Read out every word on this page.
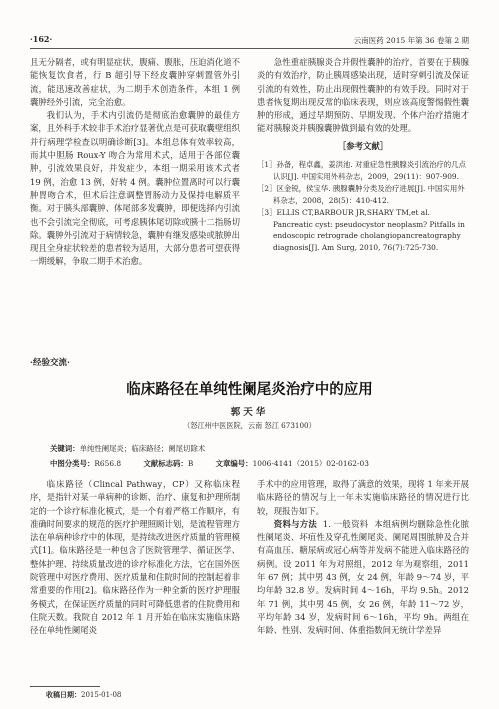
·162·	云南医药 2015 年第 36 卷第 2 期

且无分隔者，或有明显症状，腹痛、腹胀，压迫消化道不能恢复饮食者，行 B 超引导下经皮囊肿穿刺置管外引流，能迅速改善症状，为二期手术创造条件，本组 1 例囊肿经外引流，完全治愈。

我们认为，手术内引流仍是彻底治愈囊肿的最佳方案，且外科手术较非手术治疗显著优点是可获取囊壁组织并行病理学检查以明确诊断[3]。本组总体有效率较高，而其中胆肠 Roux-Y 吻合为常用术式，适用于各部位囊肿，引流效果良好，并发症少，本组一期采用该术式者 19 例，治愈 13 例，好转 4 例。囊肿位置离时可以行囊肿胃吻合术，但术后注意调整胃肠动力及保持电解质平衡。对于胰头部囊肿、体尾部多发囊肿，即便选择内引流也不会引流完全彻底，可考虑胰体尾切除或胰十二指肠切除。囊肿外引流对于病情较急，囊肿有继发感染或脓肿出现且全身症状较差的患者较为适用，大部分患者可望获得一期缓解，争取二期手术治愈。

急性重症胰腺炎合并假性囊肿的治疗，首要在于胰腺炎的有效治疗，防止胰周感染出现，适时穿刺引流及保证引流的有效性，防止出现假性囊肿的有效手段。同时对于患者恢复期出现反常的临床表现，则应该高度警惕假性囊肿的形成，通过早期预防、早期发现、个体户治疗措施才能对胰腺炎并胰腺囊肿做到最有效的处理。

［参考文献］
［1］孙备，程卓鑫，姜洪池. 对重症急性胰腺炎引流治疗的几点认识[J]. 中国实用外科杂志，2009，29(11)：907-909.
［2］区金锐，侯宝华. 胰腺囊肿分类及治疗进展[J]. 中国实用外科杂志，2008，28(5)：410-412.
［3］ELLIS CT,BARBOUR JR,SHARY TM,et al. Pancreatic cyst: pseudocystor neoplasm? Pitfalls in endoscopic retrograde cholangiopancreatography diagnosis[J]. Am Surg, 2010, 76(7):725-730.
·经验交流·
临床路径在单纯性阑尾炎治疗中的应用
郭天华
（怒江州中医医院，云南 怒江 673100）
关键词：单纯性阑尾炎；临床路径；阑尾切除术
中图分类号：R656.8	文献标志码：B	文章编号：1006-4141（2015）02-0162-03

临床路径（Clincal Pathway，CP）又称临床程序，是指针对某一单病种的诊断、治疗、康复和护理所制定的一个诊疗标准化模式，是一个有着严格工作顺序，有准确时间要求的规范的医疗护理照顾计划，是流程管理方法在单病种诊疗中的体现，是持续改进医疗质量的管理模式[1]。临床路径是一种包含了医院管理学、循证医学、整体护理、持续质量改进的诊疗标准化方法，它在国外医院管理中对医疗费用、医疗质量和住院时间的控制起着非常重要的作用[2]。临床路径作为一种全新的医疗护理服务模式，在保证医疗质量的同时可降低患者的住院费用和住院天数。我院自 2012 年 1 月开始在临床实施临床路径在单纯性阑尾炎

手术中的应用管理，取得了满意的效果，现将 1 年来开展临床路径的情况与上一年未实施临床路径的情况进行比较，现报告如下。

资料与方法 1. 一般资料 本组病例均删除急性化脓性阑尾炎、坏疽性及穿孔性阑尾炎、阑尾周围脓肿及合并有高血压、糖尿病或冠心病等并发病不能进入临床路径的病例。设 2011 年为对照组，2012 年为观察组，2011 年 67 例；其中男 43 例，女 24 例，年龄 9～74 岁，平均年龄 32.8 岁。发病时间 4～16h，平均 9.5h。2012 年 71 例，其中男 45 例，女 26 例，年龄 11～72 岁，平均年龄 34 岁，发病时间 6～16h，平均 9h。两组在年龄、性别、发病时间、体重指数间无统计学差异

收稿日期：2015-01-08
